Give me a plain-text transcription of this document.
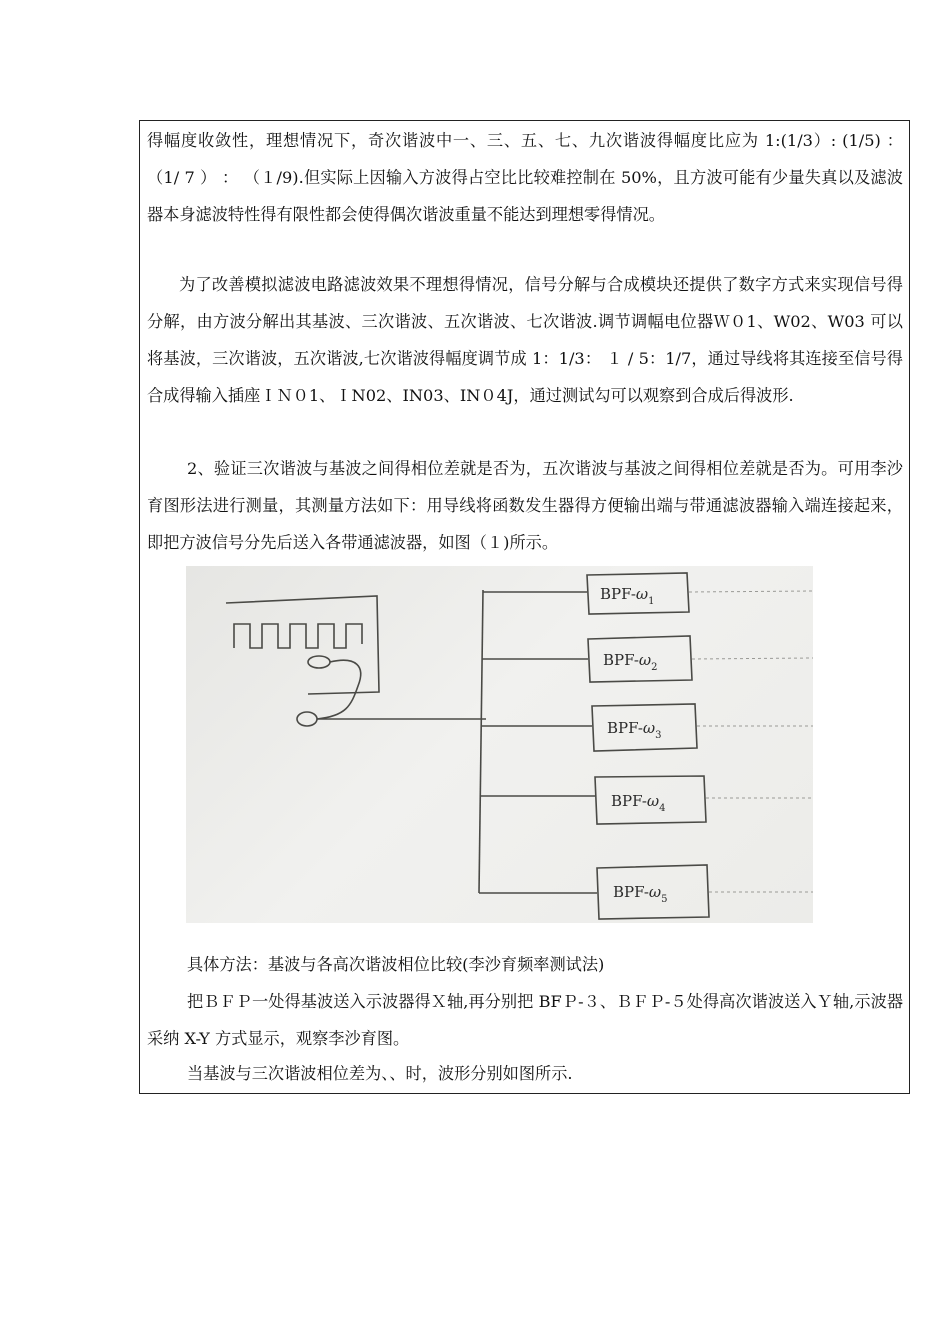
得幅度收敛性，理想情况下，奇次谐波中一、三、五、七、九次谐波得幅度比应为 1:(1/3）: (1/5) ： （1/ 7 ） ： （１/9).但实际上因输入方波得占空比比较难控制在 50%，且方波可能有少量失真以及滤波器本身滤波特性得有限性都会使得偶次谐波重量不能达到理想零得情况。

为了改善模拟滤波电路滤波效果不理想得情况，信号分解与合成模块还提供了数字方式来实现信号得分解，由方波分解出其基波、三次谐波、五次谐波、七次谐波.调节调幅电位器Ｗ０1、W02、W03 可以将基波，三次谐波，五次谐波,七次谐波得幅度调节成 1：1/3： １ / 5：1/7，通过导线将其连接至信号得合成得输入插座ＩＮ０1、ＩN02、IN03、IN０4J，通过测试勾可以观察到合成后得波形.

2、验证三次谐波与基波之间得相位差就是否为，五次谐波与基波之间得相位差就是否为。可用李沙育图形法进行测量，其测量方法如下：用导线将函数发生器得方便输出端与带通滤波器输入端连接起来，即把方波信号分先后送入各带通滤波器，如图（１)所示。

BPF-$\omega_1$
BPF-$\omega_2$
BPF-$\omega_3$
BPF-$\omega_4$
BPF-$\omega_5$

具体方法：基波与各高次谐波相位比较(李沙育频率测试法)

把ＢＦＰ一处得基波送入示波器得Ｘ轴,再分别把 BFＰ-３、ＢＦＰ-５处得高次谐波送入Ｙ轴,示波器采纳 X-Y 方式显示，观察李沙育图。

当基波与三次谐波相位差为、、时，波形分别如图所示.
